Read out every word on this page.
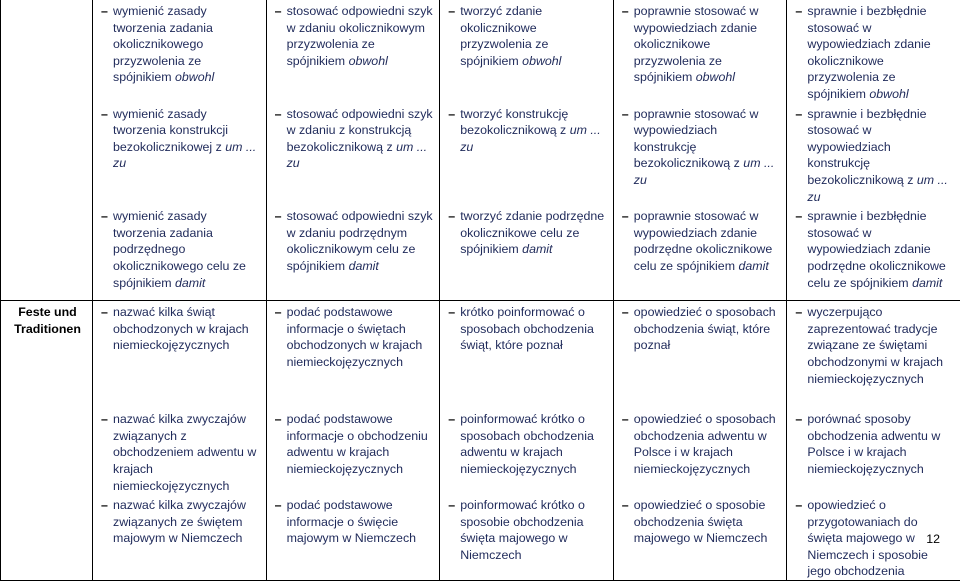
	– wymienić zasady tworzenia zadania okolicznikowego przyzwolenia ze spójnikiem obwohl	– stosować odpowiedni szyk w zdaniu okolicznikowym przyzwolenia ze spójnikiem obwohl	– tworzyć zdanie okolicznikowe przyzwolenia ze spójnikiem obwohl	– poprawnie stosować w wypowiedziach zdanie okolicznikowe przyzwolenia ze spójnikiem obwohl	– sprawnie i bezbłędnie stosować w wypowiedziach zdanie okolicznikowe przyzwolenia ze spójnikiem obwohl

	– wymienić zasady tworzenia konstrukcji bezokolicznikowej z um ... zu	– stosować odpowiedni szyk w zdaniu z konstrukcją bezokolicznikową z um ... zu	– tworzyć konstrukcję bezokolicznikową z um ... zu	– poprawnie stosować w wypowiedziach konstrukcję bezokolicznikową z um ... zu	– sprawnie i bezbłędnie stosować w wypowiedziach konstrukcję bezokolicznikową z um ... zu

	– wymienić zasady tworzenia zadania podrzędnego okolicznikowego celu ze spójnikiem damit	– stosować odpowiedni szyk w zdaniu podrzędnym okolicznikowym celu ze spójnikiem damit	– tworzyć zdanie podrzędne okolicznikowe celu ze spójnikiem damit	– poprawnie stosować w wypowiedziach zdanie podrzędne okolicznikowe celu ze spójnikiem damit	– sprawnie i bezbłędnie stosować w wypowiedziach zdanie podrzędne okolicznikowe celu ze spójnikiem damit

Feste und Traditionen	– nazwać kilka świąt obchodzonych w krajach niemieckojęzycznych	– podać podstawowe informacje o świętach obchodzonych w krajach niemieckojęzycznych	– krótko poinformować o sposobach obchodzenia świąt, które poznał	– opowiedzieć o sposobach obchodzenia świąt, które poznał	– wyczerpująco zaprezentować tradycje związane ze świętami obchodzonymi w krajach niemieckojęzycznych

	– nazwać kilka zwyczajów związanych z obchodzeniem adwentu w krajach niemieckojęzycznych	– podać podstawowe informacje o obchodzeniu adwentu w krajach niemieckojęzycznych	– poinformować krótko o sposobach obchodzenia adwentu w krajach niemieckojęzycznych	– opowiedzieć o sposobach obchodzenia adwentu w Polsce i w krajach niemieckojęzycznych	– porównać sposoby obchodzenia adwentu w Polsce i w krajach niemieckojęzycznych

	– nazwać kilka zwyczajów związanych ze świętem majowym w Niemczech	– podać podstawowe informacje o święcie majowym w Niemczech	– poinformować krótko o sposobie obchodzenia święta majowego w Niemczech	– opowiedzieć o sposobie obchodzenia święta majowego w Niemczech	– opowiedzieć o przygotowaniach do święta majowego w Niemczech i sposobie jego obchodzenia
12
